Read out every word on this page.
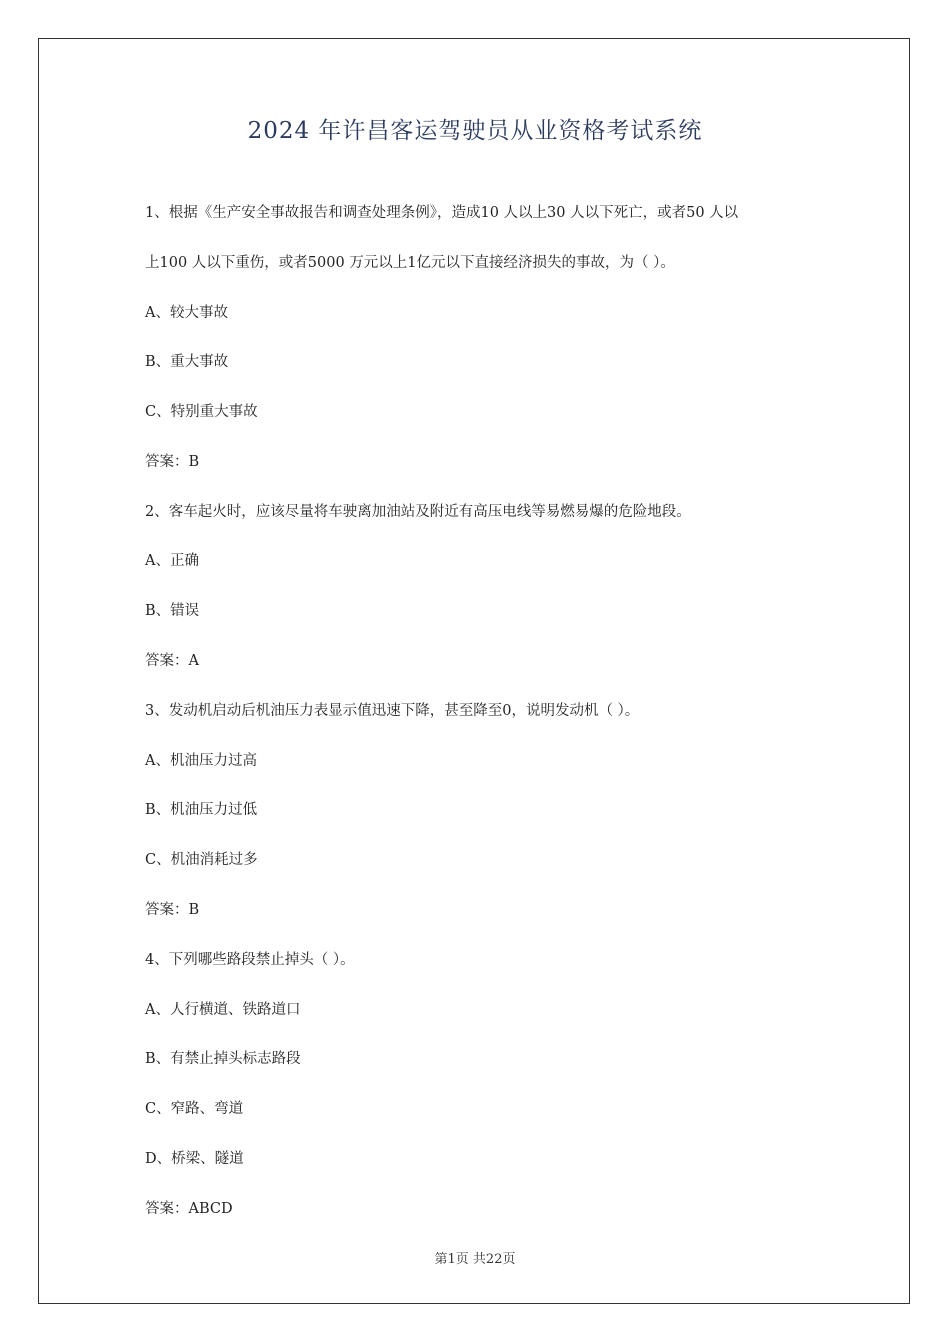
2024 年许昌客运驾驶员从业资格考试系统
1、根据《生产安全事故报告和调查处理条例》，造成10 人以上30 人以下死亡，或者50 人以
上100 人以下重伤，或者5000 万元以上1亿元以下直接经济损失的事故，为（ ）。
A、较大事故
B、重大事故
C、特别重大事故
答案：B
2、客车起火时，应该尽量将车驶离加油站及附近有高压电线等易燃易爆的危险地段。
A、正确
B、错误
答案：A
3、发动机启动后机油压力表显示值迅速下降，甚至降至0，说明发动机（ ）。
A、机油压力过高
B、机油压力过低
C、机油消耗过多
答案：B
4、下列哪些路段禁止掉头（ ）。
A、人行横道、铁路道口
B、有禁止掉头标志路段
C、窄路、弯道
D、桥梁、隧道
答案：ABCD
第1页 共22页
